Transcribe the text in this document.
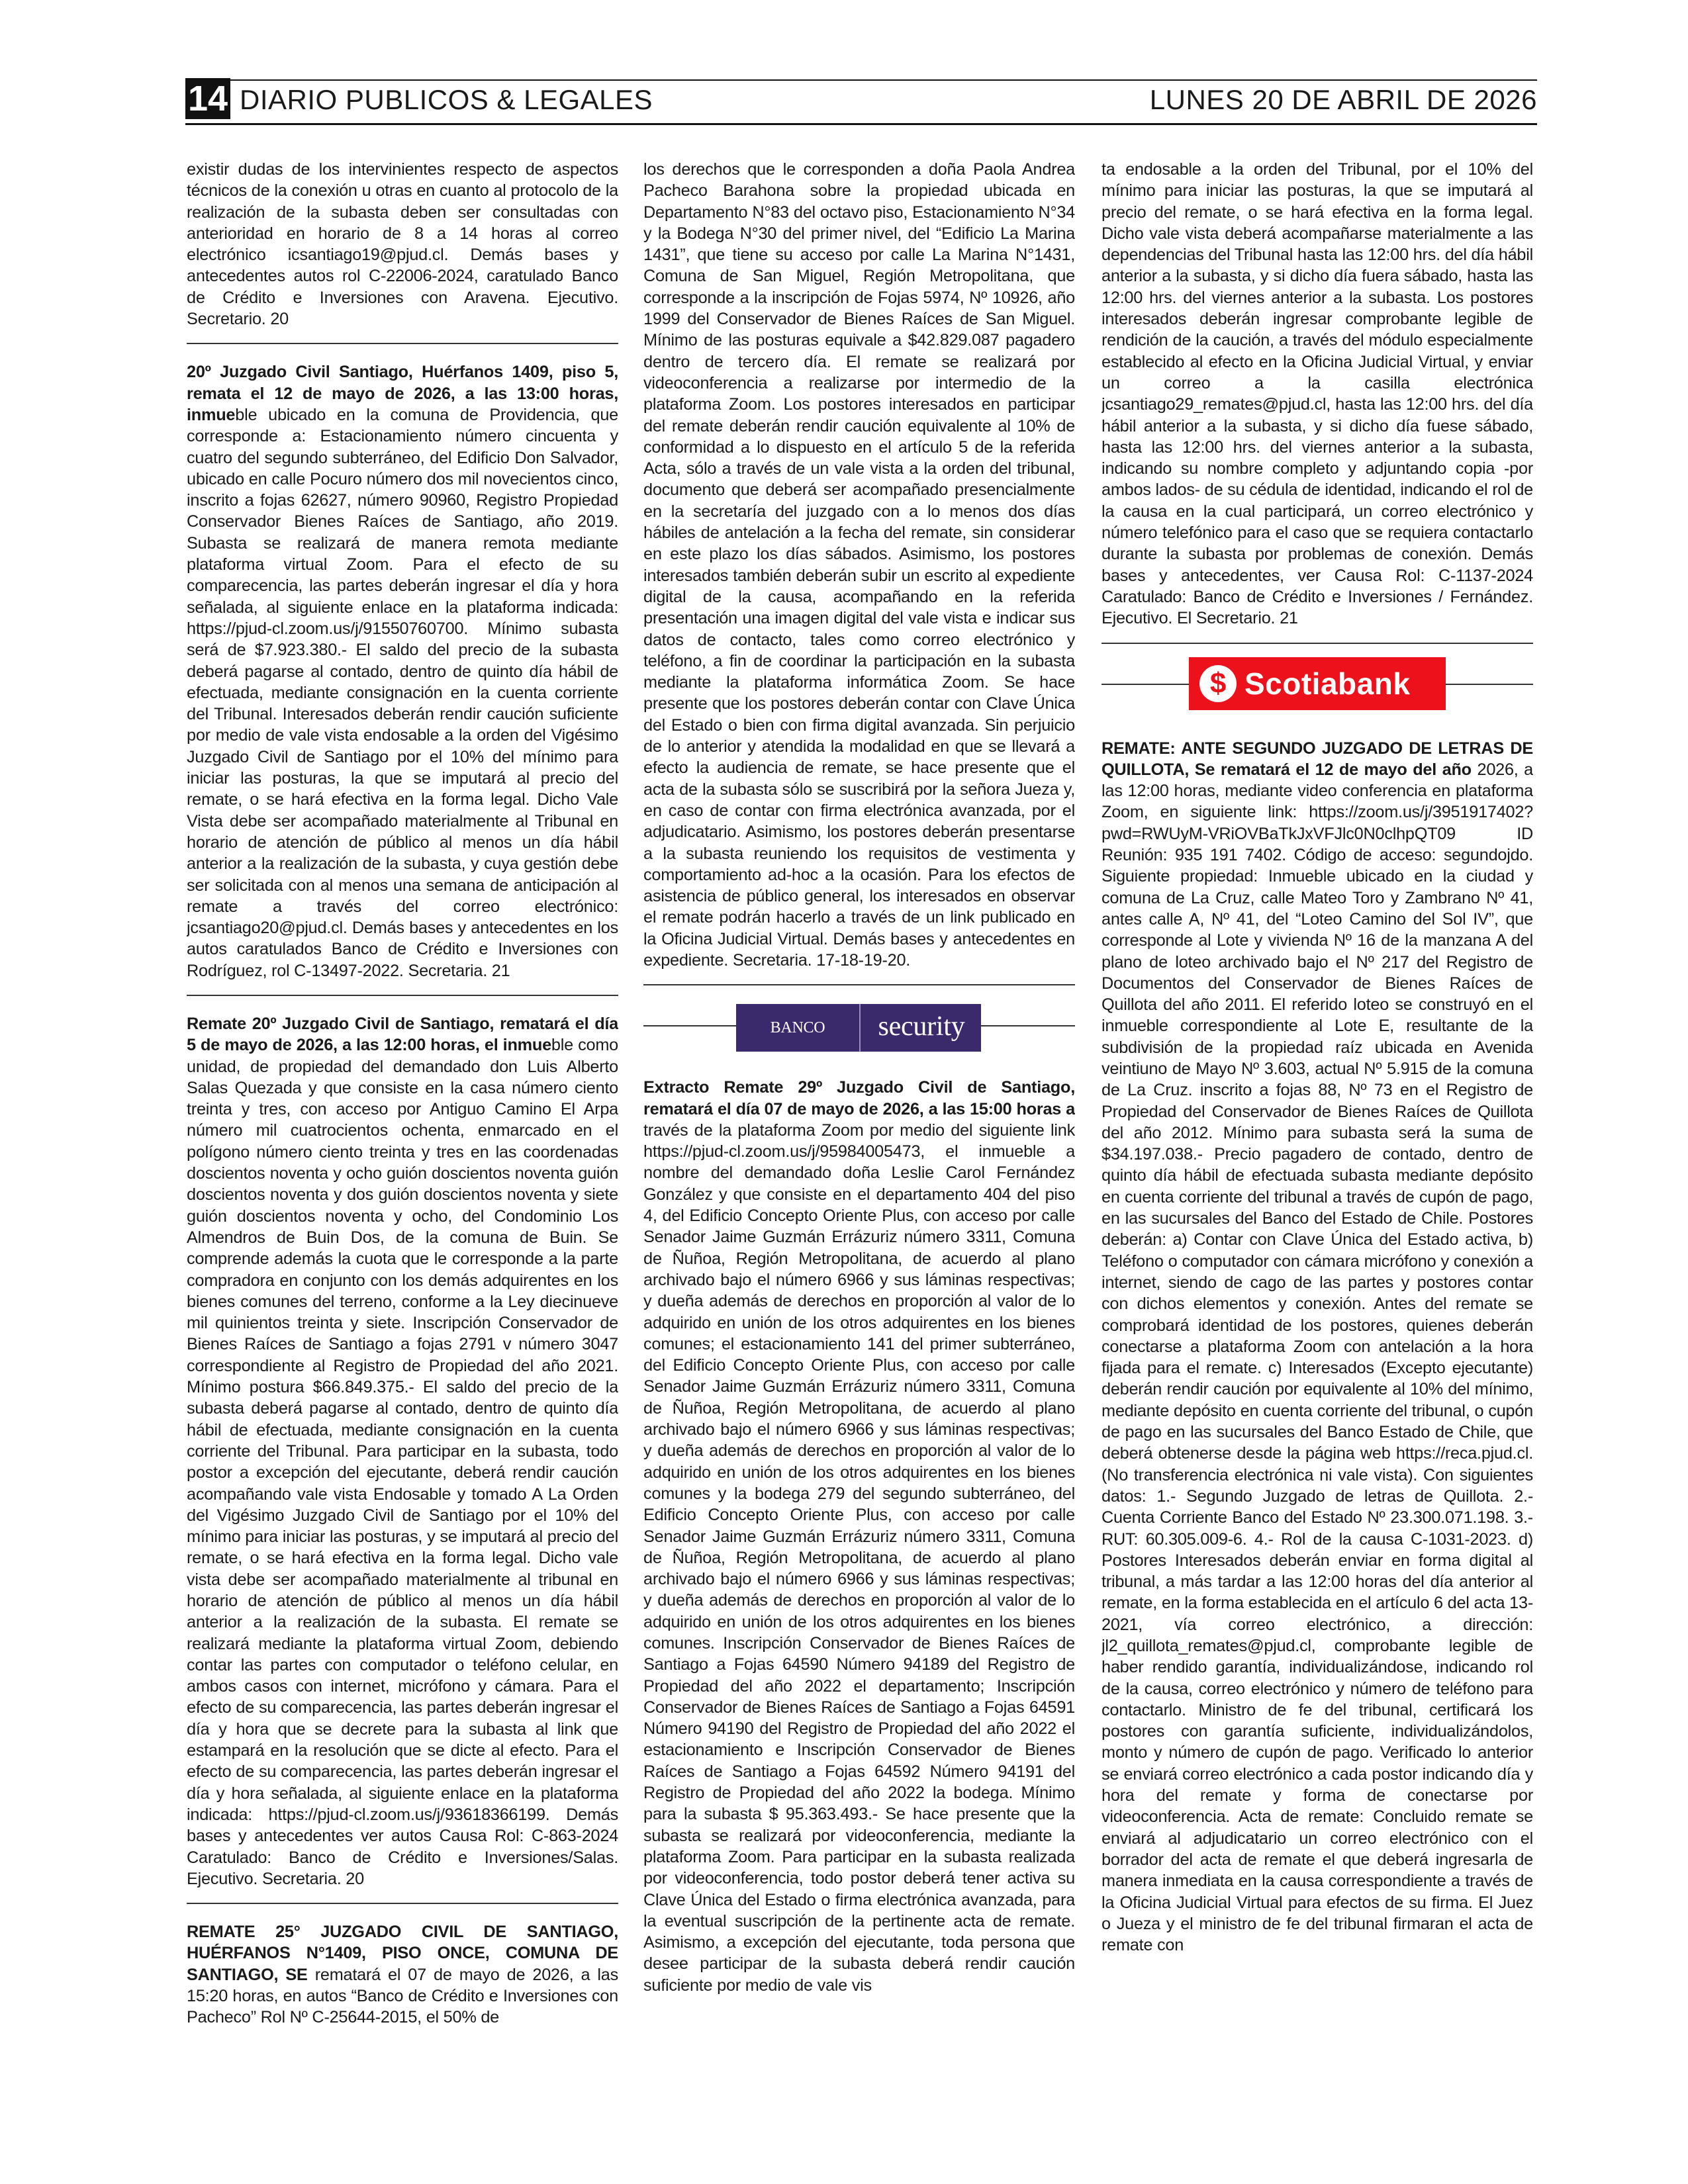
14 DIARIO PUBLICOS & LEGALES	LUNES 20 DE ABRIL DE 2026

existir dudas de los intervinientes respecto de aspectos técnicos de la conexión u otras en cuanto al protocolo de la realización de la subasta deben ser consultadas con anterioridad en horario de 8 a 14 horas al correo electrónico icsantiago19@pjud.cl. Demás bases y antecedentes autos rol C-22006-2024, caratulado Banco de Crédito e Inversiones con Aravena. Ejecutivo. Secretario. 20

20º Juzgado Civil Santiago, Huérfanos 1409, piso 5, remata el 12 de mayo de 2026, a las 13:00 horas, inmueble ubicado en la comuna de Providencia, que corresponde a: Estacionamiento número cincuenta y cuatro del segundo subterráneo, del Edificio Don Salvador, ubicado en calle Pocuro número dos mil novecientos cinco, inscrito a fojas 62627, número 90960, Registro Propiedad Conservador Bienes Raíces de Santiago, año 2019. Subasta se realizará de manera remota mediante plataforma virtual Zoom. Para el efecto de su comparecencia, las partes deberán ingresar el día y hora señalada, al siguiente enlace en la plataforma indicada: https://pjud-cl.zoom.us/j/91550760700. Mínimo subasta será de $7.923.380.- El saldo del precio de la subasta deberá pagarse al contado, dentro de quinto día hábil de efectuada, mediante consignación en la cuenta corriente del Tribunal. Interesados deberán rendir caución suficiente por medio de vale vista endosable a la orden del Vigésimo Juzgado Civil de Santiago por el 10% del mínimo para iniciar las posturas, la que se imputará al precio del remate, o se hará efectiva en la forma legal. Dicho Vale Vista debe ser acompañado materialmente al Tribunal en horario de atención de público al menos un día hábil anterior a la realización de la subasta, y cuya gestión debe ser solicitada con al menos una semana de anticipación al remate a través del correo electrónico: jcsantiago20@pjud.cl. Demás bases y antecedentes en los autos caratulados Banco de Crédito e Inversiones con Rodríguez, rol C-13497-2022. Secretaria. 21

Remate 20º Juzgado Civil de Santiago, rematará el día 5 de mayo de 2026, a las 12:00 horas, el inmueble como unidad, de propiedad del demandado don Luis Alberto Salas Quezada y que consiste en la casa número ciento treinta y tres, con acceso por Antiguo Camino El Arpa número mil cuatrocientos ochenta, enmarcado en el polígono número ciento treinta y tres en las coordenadas doscientos noventa y ocho guión doscientos noventa guión doscientos noventa y dos guión doscientos noventa y siete guión doscientos noventa y ocho, del Condominio Los Almendros de Buin Dos, de la comuna de Buin. Se comprende además la cuota que le corresponde a la parte compradora en conjunto con los demás adquirentes en los bienes comunes del terreno, conforme a la Ley diecinueve mil quinientos treinta y siete. Inscripción Conservador de Bienes Raíces de Santiago a fojas 2791 v número 3047 correspondiente al Registro de Propiedad del año 2021. Mínimo postura $66.849.375.- El saldo del precio de la subasta deberá pagarse al contado, dentro de quinto día hábil de efectuada, mediante consignación en la cuenta corriente del Tribunal. Para participar en la subasta, todo postor a excepción del ejecutante, deberá rendir caución acompañando vale vista Endosable y tomado A La Orden del Vigésimo Juzgado Civil de Santiago por el 10% del mínimo para iniciar las posturas, y se imputará al precio del remate, o se hará efectiva en la forma legal. Dicho vale vista debe ser acompañado materialmente al tribunal en horario de atención de público al menos un día hábil anterior a la realización de la subasta. El remate se realizará mediante la plataforma virtual Zoom, debiendo contar las partes con computador o teléfono celular, en ambos casos con internet, micrófono y cámara. Para el efecto de su comparecencia, las partes deberán ingresar el día y hora que se decrete para la subasta al link que estampará en la resolución que se dicte al efecto. Para el efecto de su comparecencia, las partes deberán ingresar el día y hora señalada, al siguiente enlace en la plataforma indicada: https://pjud-cl.zoom.us/j/93618366199. Demás bases y antecedentes ver autos Causa Rol: C-863-2024 Caratulado: Banco de Crédito e Inversiones/Salas. Ejecutivo. Secretaria. 20

REMATE 25° JUZGADO CIVIL DE SANTIAGO, HUÉRFANOS N°1409, PISO ONCE, COMUNA DE SANTIAGO, SE rematará el 07 de mayo de 2026, a las 15:20 horas, en autos “Banco de Crédito e Inversiones con Pacheco” Rol Nº C-25644-2015, el 50% de

los derechos que le corresponden a doña Paola Andrea Pacheco Barahona sobre la propiedad ubicada en Departamento N°83 del octavo piso, Estacionamiento N°34 y la Bodega N°30 del primer nivel, del “Edificio La Marina 1431”, que tiene su acceso por calle La Marina N°1431, Comuna de San Miguel, Región Metropolitana, que corresponde a la inscripción de Fojas 5974, Nº 10926, año 1999 del Conservador de Bienes Raíces de San Miguel. Mínimo de las posturas equivale a $42.829.087 pagadero dentro de tercero día. El remate se realizará por videoconferencia a realizarse por intermedio de la plataforma Zoom. Los postores interesados en participar del remate deberán rendir caución equivalente al 10% de conformidad a lo dispuesto en el artículo 5 de la referida Acta, sólo a través de un vale vista a la orden del tribunal, documento que deberá ser acompañado presencialmente en la secretaría del juzgado con a lo menos dos días hábiles de antelación a la fecha del remate, sin considerar en este plazo los días sábados. Asimismo, los postores interesados también deberán subir un escrito al expediente digital de la causa, acompañando en la referida presentación una imagen digital del vale vista e indicar sus datos de contacto, tales como correo electrónico y teléfono, a fin de coordinar la participación en la subasta mediante la plataforma informática Zoom. Se hace presente que los postores deberán contar con Clave Única del Estado o bien con firma digital avanzada. Sin perjuicio de lo anterior y atendida la modalidad en que se llevará a efecto la audiencia de remate, se hace presente que el acta de la subasta sólo se suscribirá por la señora Jueza y, en caso de contar con firma electrónica avanzada, por el adjudicatario. Asimismo, los postores deberán presentarse a la subasta reuniendo los requisitos de vestimenta y comportamiento ad-hoc a la ocasión. Para los efectos de asistencia de público general, los interesados en observar el remate podrán hacerlo a través de un link publicado en la Oficina Judicial Virtual. Demás bases y antecedentes en expediente. Secretaria. 17-18-19-20.

BANCO	security

Extracto Remate 29º Juzgado Civil de Santiago, rematará el día 07 de mayo de 2026, a las 15:00 horas a través de la plataforma Zoom por medio del siguiente link https://pjud-cl.zoom.us/j/95984005473, el inmueble a nombre del demandado doña Leslie Carol Fernández González y que consiste en el departamento 404 del piso 4, del Edificio Concepto Oriente Plus, con acceso por calle Senador Jaime Guzmán Errázuriz número 3311, Comuna de Ñuñoa, Región Metropolitana, de acuerdo al plano archivado bajo el número 6966 y sus láminas respectivas; y dueña además de derechos en proporción al valor de lo adquirido en unión de los otros adquirentes en los bienes comunes; el estacionamiento 141 del primer subterráneo, del Edificio Concepto Oriente Plus, con acceso por calle Senador Jaime Guzmán Errázuriz número 3311, Comuna de Ñuñoa, Región Metropolitana, de acuerdo al plano archivado bajo el número 6966 y sus láminas respectivas; y dueña además de derechos en proporción al valor de lo adquirido en unión de los otros adquirentes en los bienes comunes y la bodega 279 del segundo subterráneo, del Edificio Concepto Oriente Plus, con acceso por calle Senador Jaime Guzmán Errázuriz número 3311, Comuna de Ñuñoa, Región Metropolitana, de acuerdo al plano archivado bajo el número 6966 y sus láminas respectivas; y dueña además de derechos en proporción al valor de lo adquirido en unión de los otros adquirentes en los bienes comunes. Inscripción Conservador de Bienes Raíces de Santiago a Fojas 64590 Número 94189 del Registro de Propiedad del año 2022 el departamento; Inscripción Conservador de Bienes Raíces de Santiago a Fojas 64591 Número 94190 del Registro de Propiedad del año 2022 el estacionamiento e Inscripción Conservador de Bienes Raíces de Santiago a Fojas 64592 Número 94191 del Registro de Propiedad del año 2022 la bodega. Mínimo para la subasta $ 95.363.493.- Se hace presente que la subasta se realizará por videoconferencia, mediante la plataforma Zoom. Para participar en la subasta realizada por videoconferencia, todo postor deberá tener activa su Clave Única del Estado o firma electrónica avanzada, para la eventual suscripción de la pertinente acta de remate. Asimismo, a excepción del ejecutante, toda persona que desee participar de la subasta deberá rendir caución suficiente por medio de vale vis

ta endosable a la orden del Tribunal, por el 10% del mínimo para iniciar las posturas, la que se imputará al precio del remate, o se hará efectiva en la forma legal. Dicho vale vista deberá acompañarse materialmente a las dependencias del Tribunal hasta las 12:00 hrs. del día hábil anterior a la subasta, y si dicho día fuera sábado, hasta las 12:00 hrs. del viernes anterior a la subasta. Los postores interesados deberán ingresar comprobante legible de rendición de la caución, a través del módulo especialmente establecido al efecto en la Oficina Judicial Virtual, y enviar un correo a la casilla electrónica jcsantiago29_remates@pjud.cl, hasta las 12:00 hrs. del día hábil anterior a la subasta, y si dicho día fuese sábado, hasta las 12:00 hrs. del viernes anterior a la subasta, indicando su nombre completo y adjuntando copia -por ambos lados- de su cédula de identidad, indicando el rol de la causa en la cual participará, un correo electrónico y número telefónico para el caso que se requiera contactarlo durante la subasta por problemas de conexión. Demás bases y antecedentes, ver Causa Rol: C-1137-2024 Caratulado: Banco de Crédito e Inversiones / Fernández. Ejecutivo. El Secretario. 21

$ Scotiabank

REMATE: ANTE SEGUNDO JUZGADO DE LETRAS DE QUILLOTA, Se rematará el 12 de mayo del año 2026, a las 12:00 horas, mediante video conferencia en plataforma Zoom, en siguiente link: https://zoom.us/j/3951917402?pwd=RWUyM-VRiOVBaTkJxVFJlc0N0clhpQT09 ID Reunión: 935 191 7402. Código de acceso: segundojdo. Siguiente propiedad: Inmueble ubicado en la ciudad y comuna de La Cruz, calle Mateo Toro y Zambrano Nº 41, antes calle A, Nº 41, del “Loteo Camino del Sol IV”, que corresponde al Lote y vivienda Nº 16 de la manzana A del plano de loteo archivado bajo el Nº 217 del Registro de Documentos del Conservador de Bienes Raíces de Quillota del año 2011. El referido loteo se construyó en el inmueble correspondiente al Lote E, resultante de la subdivisión de la propiedad raíz ubicada en Avenida veintiuno de Mayo Nº 3.603, actual Nº 5.915 de la comuna de La Cruz. inscrito a fojas 88, Nº 73 en el Registro de Propiedad del Conservador de Bienes Raíces de Quillota del año 2012. Mínimo para subasta será la suma de $34.197.038.- Precio pagadero de contado, dentro de quinto día hábil de efectuada subasta mediante depósito en cuenta corriente del tribunal a través de cupón de pago, en las sucursales del Banco del Estado de Chile. Postores deberán: a) Contar con Clave Única del Estado activa, b) Teléfono o computador con cámara micrófono y conexión a internet, siendo de cago de las partes y postores contar con dichos elementos y conexión. Antes del remate se comprobará identidad de los postores, quienes deberán conectarse a plataforma Zoom con antelación a la hora fijada para el remate. c) Interesados (Excepto ejecutante) deberán rendir caución por equivalente al 10% del mínimo, mediante depósito en cuenta corriente del tribunal, o cupón de pago en las sucursales del Banco Estado de Chile, que deberá obtenerse desde la página web https://reca.pjud.cl. (No transferencia electrónica ni vale vista). Con siguientes datos: 1.- Segundo Juzgado de letras de Quillota. 2.- Cuenta Corriente Banco del Estado Nº 23.300.071.198. 3.- RUT: 60.305.009-6. 4.- Rol de la causa C-1031-2023. d) Postores Interesados deberán enviar en forma digital al tribunal, a más tardar a las 12:00 horas del día anterior al remate, en la forma establecida en el artículo 6 del acta 13- 2021, vía correo electrónico, a dirección: jl2_quillota_remates@pjud.cl, comprobante legible de haber rendido garantía, individualizándose, indicando rol de la causa, correo electrónico y número de teléfono para contactarlo. Ministro de fe del tribunal, certificará los postores con garantía suficiente, individualizándolos, monto y número de cupón de pago. Verificado lo anterior se enviará correo electrónico a cada postor indicando día y hora del remate y forma de conectarse por videoconferencia. Acta de remate: Concluido remate se enviará al adjudicatario un correo electrónico con el borrador del acta de remate el que deberá ingresarla de manera inmediata en la causa correspondiente a través de la Oficina Judicial Virtual para efectos de su firma. El Juez o Jueza y el ministro de fe del tribunal firmaran el acta de remate con
